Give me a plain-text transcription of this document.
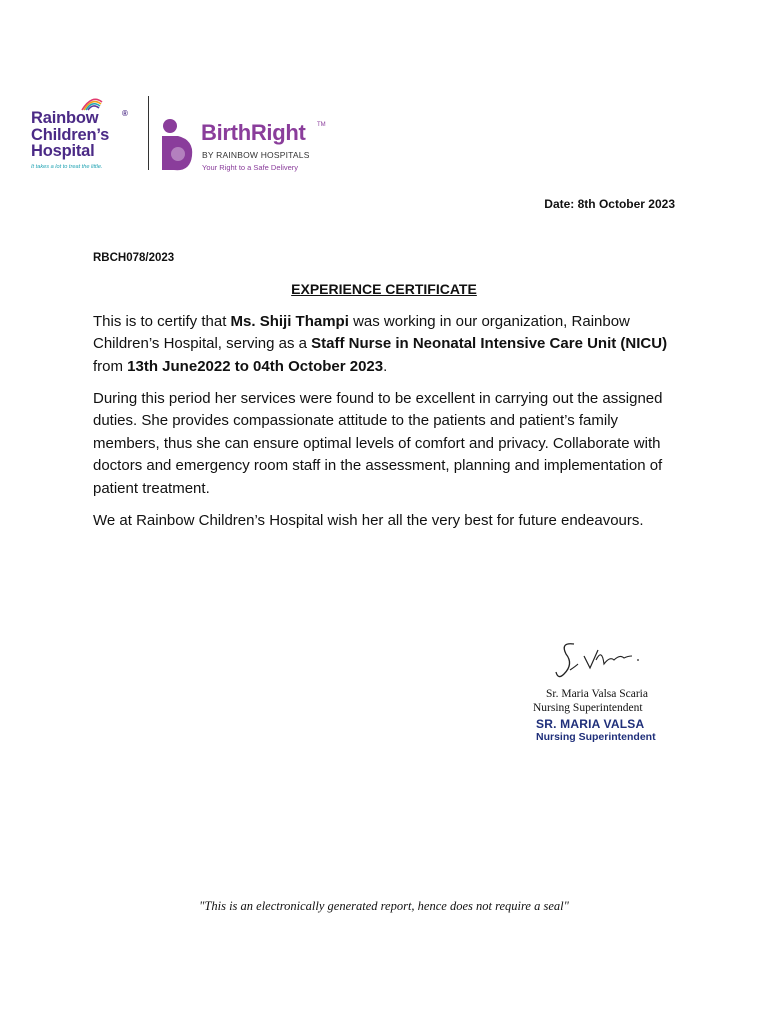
Rainbow
Children’s
Hospital
®
It takes a lot to treat the little.
BirthRight TM
BY RAINBOW HOSPITALS
Your Right to a Safe Delivery
Date: 8th October 2023
RBCH078/2023
EXPERIENCE CERTIFICATE

This is to certify that Ms. Shiji Thampi was working in our organization, Rainbow Children’s Hospital, serving as a Staff Nurse in Neonatal Intensive Care Unit (NICU) from 13th June2022 to 04th October 2023.

During this period her services were found to be excellent in carrying out the assigned duties. She provides compassionate attitude to the patients and patient’s family members, thus she can ensure optimal levels of comfort and privacy. Collaborate with doctors and emergency room staff in the assessment, planning and implementation of patient treatment.

We at Rainbow Children’s Hospital wish her all the very best for future endeavours.

Sr. Maria Valsa Scaria
Nursing Superintendent
SR. MARIA VALSA
Nursing Superintendent
"This is an electronically generated report, hence does not require a seal"
